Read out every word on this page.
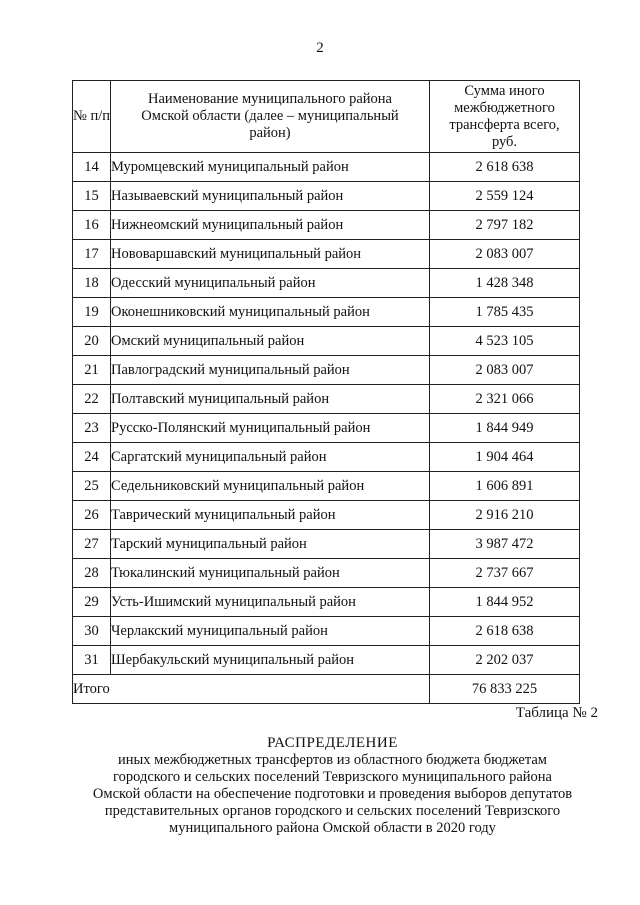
2
№ п/п	Наименование муниципального района Омской области (далее – муниципальный район)	Сумма иного межбюджетного трансферта всего, руб.
14	Муромцевский муниципальный район	2 618 638
15	Называевский муниципальный район	2 559 124
16	Нижнеомский муниципальный район	2 797 182
17	Нововаршавский муниципальный район	2 083 007
18	Одесский муниципальный район	1 428 348
19	Оконешниковский муниципальный район	1 785 435
20	Омский муниципальный район	4 523 105
21	Павлоградский муниципальный район	2 083 007
22	Полтавский муниципальный район	2 321 066
23	Русско-Полянский муниципальный район	1 844 949
24	Саргатский муниципальный район	1 904 464
25	Седельниковский муниципальный район	1 606 891
26	Таврический муниципальный район	2 916 210
27	Тарский муниципальный район	3 987 472
28	Тюкалинский муниципальный район	2 737 667
29	Усть-Ишимский муниципальный район	1 844 952
30	Черлакский муниципальный район	2 618 638
31	Шербакульский муниципальный район	2 202 037
Итого		76 833 225
Таблица № 2
РАСПРЕДЕЛЕНИЕ
иных межбюджетных трансфертов из областного бюджета бюджетам
городского и сельских поселений Тевризского муниципального района
Омской области на обеспечение подготовки и проведения выборов депутатов
представительных органов городского и сельских поселений Тевризского
муниципального района Омской области в 2020 году
